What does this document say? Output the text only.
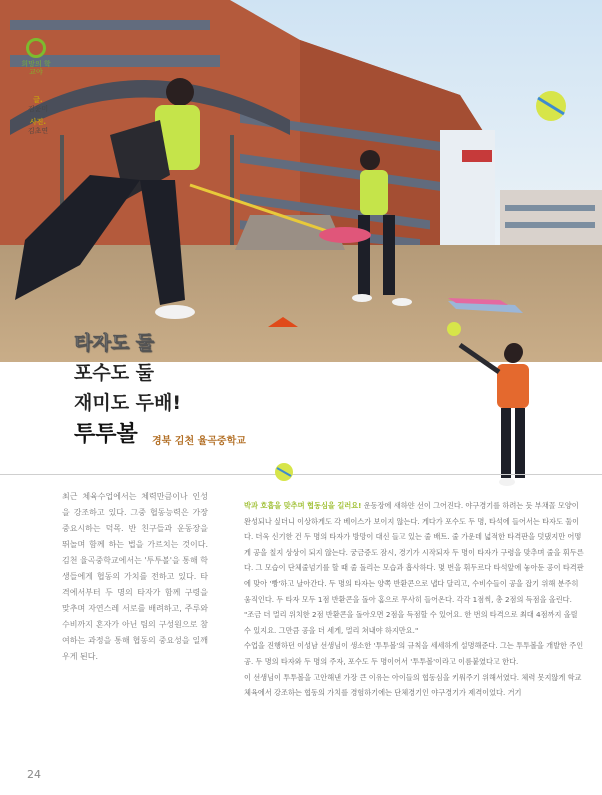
희망의 학교야
글.
김윤미
사진.
김초연
타자도 둘
포수도 둘
재미도 두배!
투투볼	경북 김천 율곡중학교
최근 체육수업에서는 체력만큼이나 인성을 강조하고 있다. 그중 협동능력은 가장 중요시하는 덕목. 반 친구들과 운동장을 뛰놀며 함께 하는 법을 가르치는 것이다. 김천 율곡중학교에서는 '투투볼'을 통해 학생들에게 협동의 가치를 전하고 있다. 타격에서부터 두 명의 타자가 함께 구령을 맞추며 자연스레 서로를 배려하고, 주루와 수비까지 혼자가 아닌 팀의 구성원으로 참여하는 과정을 통해 협동의 중요성을 일깨우게 된다.

박과 호흡을 맞추며 협동심을 길러요! 운동장에 새하얀 선이 그어진다. 야구경기를 하려는 듯 부채꼴 모양이 완성되나 싶더니 이상하게도 각 베이스가 보이지 않는다. 게다가 포수도 두 명, 타석에 들어서는 타자도 둘이다. 더욱 신기한 건 두 명의 타자가 방망이 대신 들고 있는 줄 배트. 줄 가운데 넓적한 타격판을 덧댔지만 어떻게 공을 칠지 상상이 되지 않는다. 궁금증도 잠시, 경기가 시작되자 두 명이 타자가 구령을 맞추며 줄을 휘두른다. 그 모습이 단체줄넘기를 할 때 줄 돌리는 모습과 흡사하다. 몇 번을 휘두르다 타석앞에 놓아둔 공이 타격판에 맞아 '빵'하고 날아간다. 두 명의 타자는 양쪽 반환콘으로 냅다 달리고, 수비수들이 공을 잡기 위해 분주히 움직인다. 두 타자 모두 1점 반환콘을 돌아 홈으로 무사히 들어온다. 각각 1점씩, 총 2점의 득점을 올린다.

"조금 더 멀리 위치한 2점 반환콘을 돌아오면 2점을 득점할 수 있어요. 한 번의 타격으로 최대 4점까지 올릴 수 있지요. 그만큼 공을 더 세게, 멀리 쳐내야 하지만요."

수업을 진행하던 이성남 선생님이 생소한 '투투볼'의 규칙을 세세하게 설명해준다. 그는 투투볼을 개발한 주인공. 두 명의 타자와 두 명의 주자, 포수도 두 명이어서 '투투볼'이라고 이름붙였다고 한다.

이 선생님이 투투볼을 고안해낸 가장 큰 이유는 아이들의 협동심을 키워주기 위해서였다. 체력 못지않게 학교체육에서 강조하는 협동의 가치를 경험하기에는 단체경기인 야구경기가 제격이었다. 거기

24
